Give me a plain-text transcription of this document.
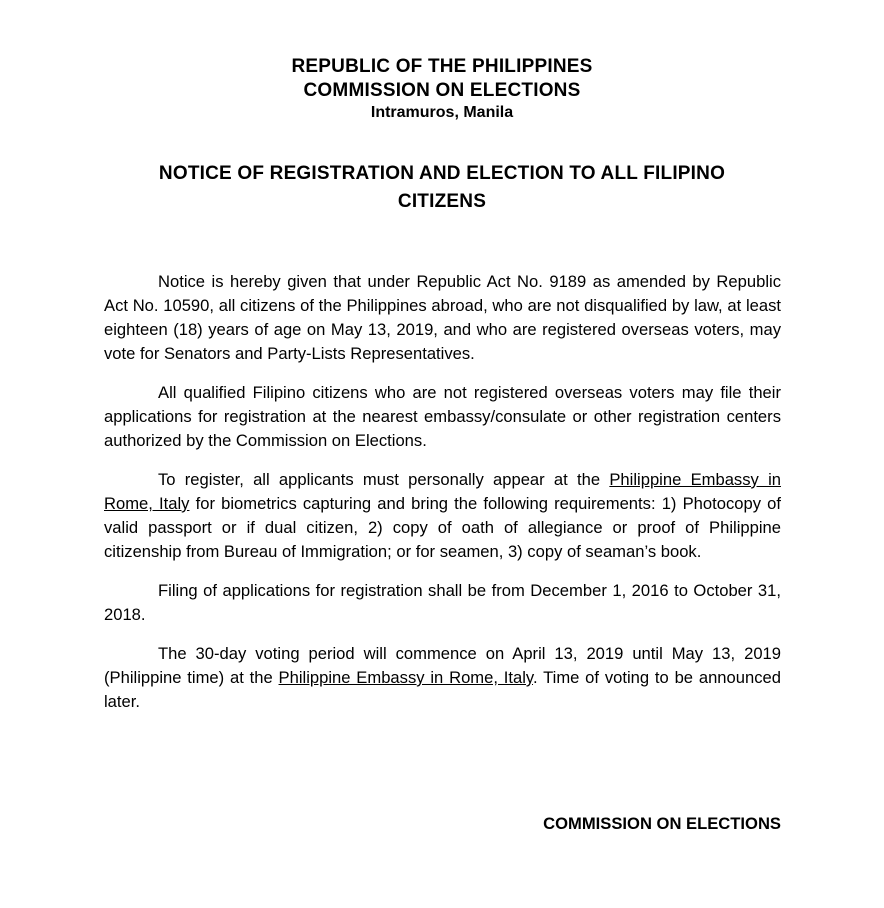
REPUBLIC OF THE PHILIPPINES
COMMISSION ON ELECTIONS
Intramuros, Manila
NOTICE OF REGISTRATION AND ELECTION TO ALL FILIPINO CITIZENS

Notice is hereby given that under Republic Act No. 9189 as amended by Republic Act No. 10590, all citizens of the Philippines abroad, who are not disqualified by law, at least eighteen (18) years of age on May 13, 2019, and who are registered overseas voters, may vote for Senators and Party-Lists Representatives.

All qualified Filipino citizens who are not registered overseas voters may file their applications for registration at the nearest embassy/consulate or other registration centers authorized by the Commission on Elections.

To register, all applicants must personally appear at the Philippine Embassy in Rome, Italy for biometrics capturing and bring the following requirements: 1) Photocopy of valid passport or if dual citizen, 2) copy of oath of allegiance or proof of Philippine citizenship from Bureau of Immigration; or for seamen, 3) copy of seaman’s book.

Filing of applications for registration shall be from December 1, 2016 to October 31, 2018.

The 30-day voting period will commence on April 13, 2019 until May 13, 2019 (Philippine time) at the Philippine Embassy in Rome, Italy. Time of voting to be announced later.

COMMISSION ON ELECTIONS
